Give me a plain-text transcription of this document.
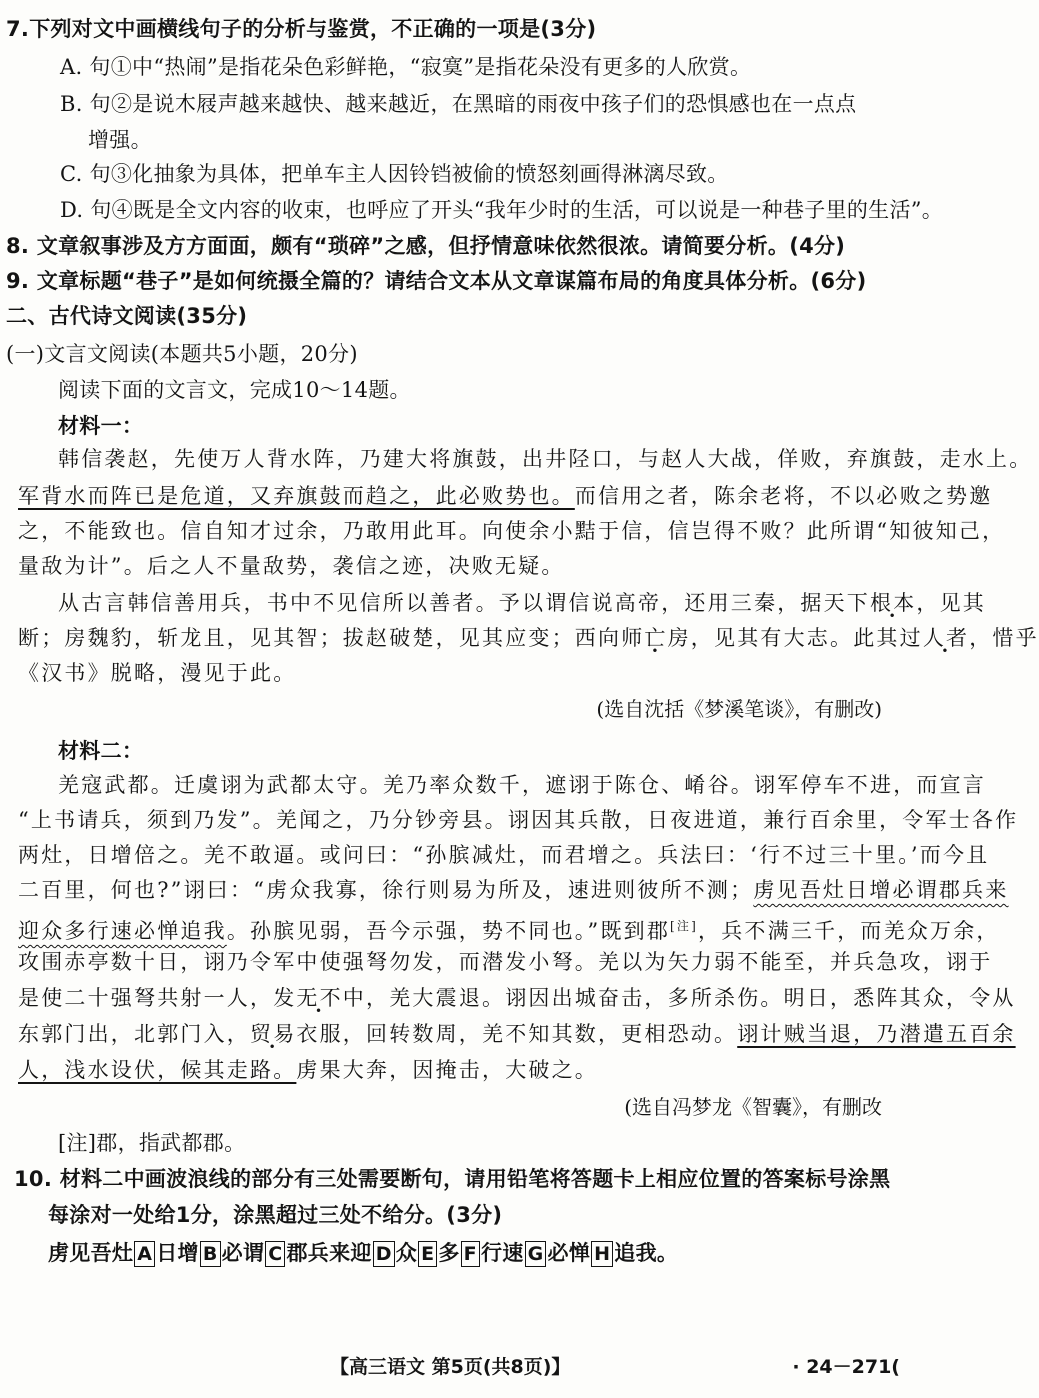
7.下列对文中画横线句子的分析与鉴赏，不正确的一项是(3分)
A. 句①中“热闹”是指花朵色彩鲜艳，“寂寞”是指花朵没有更多的人欣赏。
B. 句②是说木屐声越来越快、越来越近，在黑暗的雨夜中孩子们的恐惧感也在一点点
增强。
C. 句③化抽象为具体，把单车主人因铃铛被偷的愤怒刻画得淋漓尽致。
D. 句④既是全文内容的收束，也呼应了开头“我年少时的生活，可以说是一种巷子里的生活”。
8. 文章叙事涉及方方面面，颇有“琐碎”之感，但抒情意味依然很浓。请简要分析。(4分)
9. 文章标题“巷子”是如何统摄全篇的？请结合文本从文章谋篇布局的角度具体分析。(6分)
二、古代诗文阅读(35分)
(一)文言文阅读(本题共5小题，20分)
阅读下面的文言文，完成10～14题。
材料一：
韩信袭赵，先使万人背水阵，乃建大将旗鼓，出井陉口，与赵人大战，佯败，弃旗鼓，走水上。
军背水而阵已是危道，又弃旗鼓而趋之，此必败势也。而信用之者，陈余老将，不以必败之势邀
之，不能致也。信自知才过余，乃敢用此耳。向使余小黠于信，信岂得不败？此所谓“知彼知己，
量敌为计”。后之人不量敌势，袭信之迹，决败无疑。
从古言韩信善用兵，书中不见信所以善者。予以谓信说高帝，还用三秦，据天下根本，见其
断；房魏豹，斩龙且，见其智；拔赵破楚，见其应变；西向师亡房，见其有大志。此其过人者，惜乎
《汉书》脱略，漫见于此。
(选自沈括《梦溪笔谈》，有删改)
材料二：
羌寇武都。迁虞诩为武都太守。羌乃率众数千，遮诩于陈仓、崤谷。诩军停车不进，而宣言
“上书请兵，须到乃发”。羌闻之，乃分钞旁县。诩因其兵散，日夜进道，兼行百余里，令军士各作
两灶，日增倍之。羌不敢逼。或问曰：“孙膑减灶，而君增之。兵法曰：‘行不过三十里。’而今且
二百里，何也?”诩曰：“虏众我寡，徐行则易为所及，速进则彼所不测；虏见吾灶日增必谓郡兵来
迎众多行速必惮追我。孙膑见弱，吾今示强，势不同也。”既到郡[注]，兵不满三千，而羌众万余，
攻围赤亭数十日，诩乃令军中使强弩勿发，而潜发小弩。羌以为矢力弱不能至，并兵急攻，诩于
是使二十强弩共射一人，发无不中，羌大震退。诩因出城奋击，多所杀伤。明日，悉阵其众，令从
东郭门出，北郭门入，贸易衣服，回转数周，羌不知其数，更相恐动。诩计贼当退，乃潜遣五百余
人，浅水设伏，候其走路。虏果大奔，因掩击，大破之。
(选自冯梦龙《智囊》，有删改
[注]郡，指武都郡。
10. 材料二中画波浪线的部分有三处需要断句，请用铅笔将答题卡上相应位置的答案标号涂黑
每涂对一处给1分，涂黑超过三处不给分。(3分)
虏见吾灶 A 日增 B 必谓 C 郡兵来迎 D 众 E 多 F 行速 G 必惮 H 追我。
【高三语文 第5页(共8页)】	· 24－271(
